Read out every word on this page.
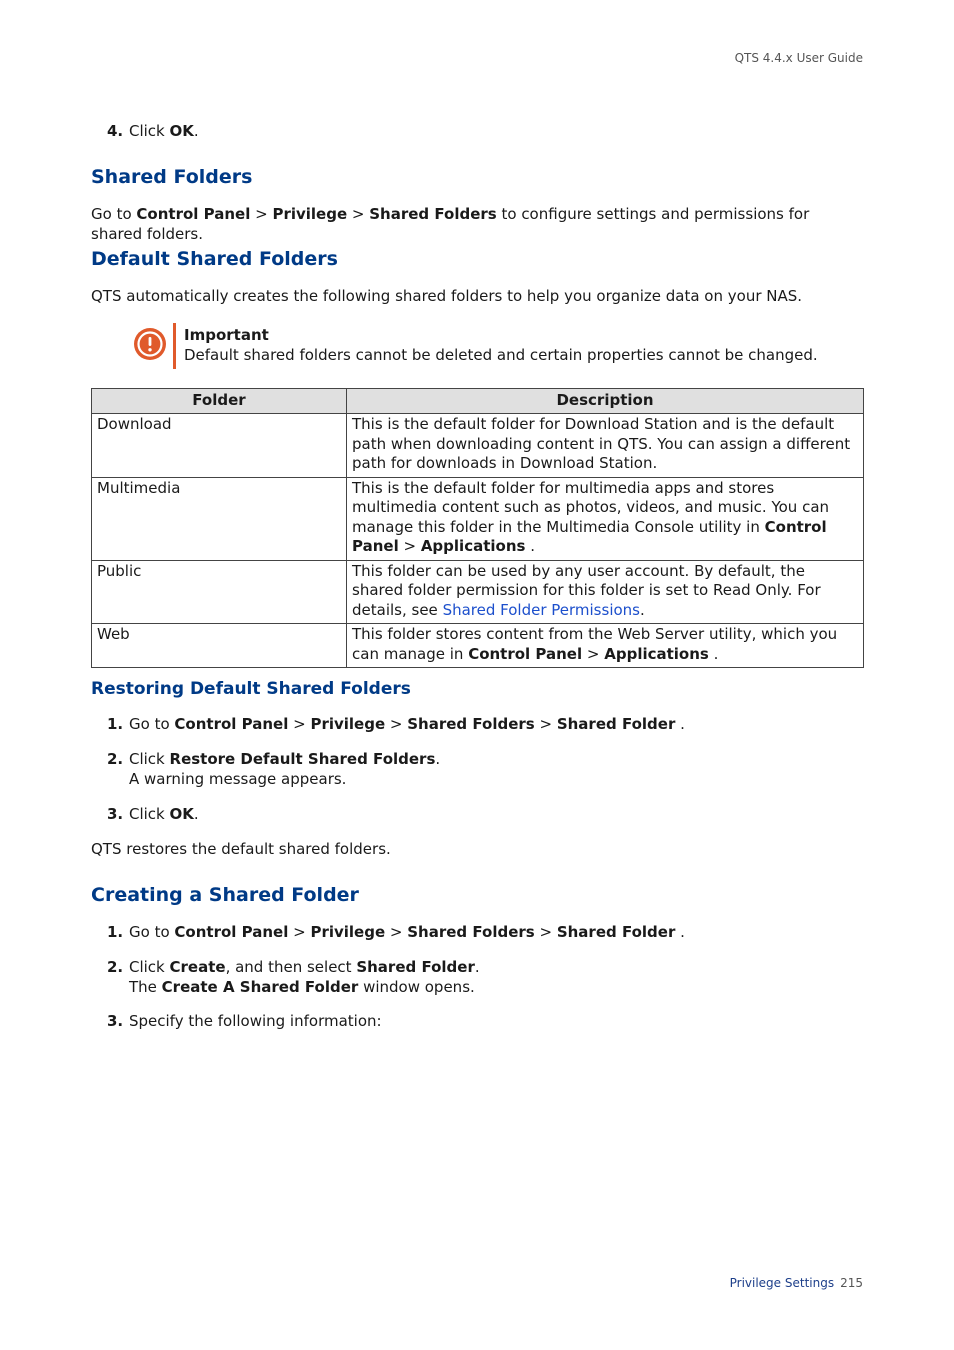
QTS 4.4.x User Guide
4. Click OK.
Shared Folders
Go to Control Panel > Privilege > Shared Folders to configure settings and permissions for shared folders.
Default Shared Folders
QTS automatically creates the following shared folders to help you organize data on your NAS.
Important
Default shared folders cannot be deleted and certain properties cannot be changed.
Folder	Description
Download	This is the default folder for Download Station and is the default path when downloading content in QTS. You can assign a different path for downloads in Download Station.
Multimedia	This is the default folder for multimedia apps and stores multimedia content such as photos, videos, and music. You can manage this folder in the Multimedia Console utility in Control Panel > Applications .
Public	This folder can be used by any user account. By default, the shared folder permission for this folder is set to Read Only. For details, see Shared Folder Permissions.
Web	This folder stores content from the Web Server utility, which you can manage in Control Panel > Applications .
Restoring Default Shared Folders
1. Go to Control Panel > Privilege > Shared Folders > Shared Folder .
2. Click Restore Default Shared Folders.
A warning message appears.
3. Click OK.
QTS restores the default shared folders.
Creating a Shared Folder
1. Go to Control Panel > Privilege > Shared Folders > Shared Folder .
2. Click Create, and then select Shared Folder.
The Create A Shared Folder window opens.
3. Specify the following information:
Privilege Settings 215
